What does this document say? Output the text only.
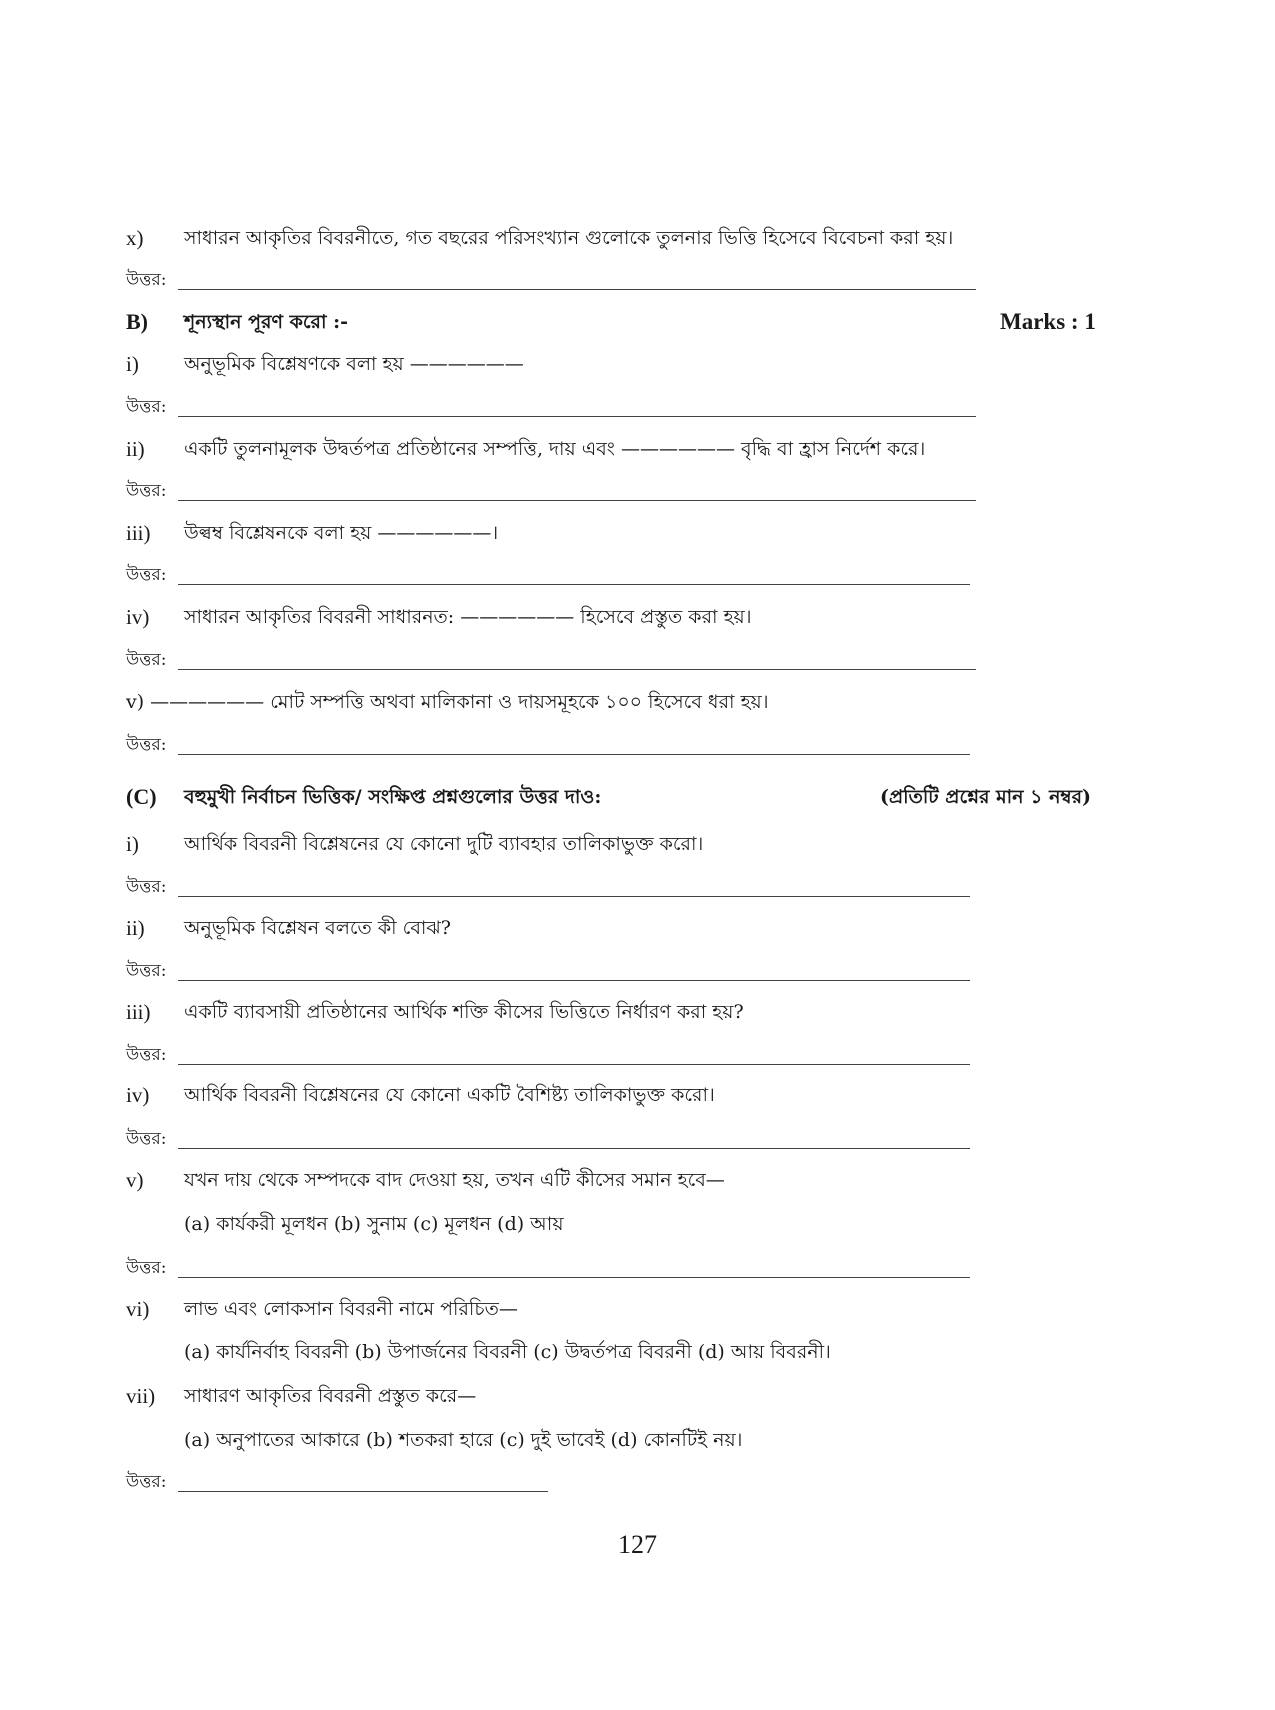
x)	সাধারন আকৃতির বিবরনীতে, গত বছরের পরিসংখ্যান গুলোকে তুলনার ভিত্তি হিসেবে বিবেচনা করা হয়।
উত্তর:
B)	শূন্যস্থান পূরণ করো :-	Marks : 1
i)	অনুভূমিক বিশ্লেষণকে বলা হয় ——————
উত্তর:
ii)	একটি তুলনামূলক উদ্বর্তপত্র প্রতিষ্ঠানের সম্পত্তি, দায় এবং —————— বৃদ্ধি বা হ্রাস নির্দেশ করে।
উত্তর:
iii)	উল্বম্ব বিশ্লেষনকে বলা হয় ——————।
উত্তর:
iv)	সাধারন আকৃতির বিবরনী সাধারনত: —————— হিসেবে প্রস্তুত করা হয়।
উত্তর:
v) —————— মোট সম্পত্তি অথবা মালিকানা ও দায়সমূহকে ১০০ হিসেবে ধরা হয়।
উত্তর:
(C)	বহুমুখী নির্বাচন ভিত্তিক/ সংক্ষিপ্ত প্রশ্নগুলোর উত্তর দাও:	(প্রতিটি প্রশ্নের মান ১ নম্বর)
i)	আর্থিক বিবরনী বিশ্লেষনের যে কোনো দুটি ব্যাবহার তালিকাভুক্ত করো।
উত্তর:
ii)	অনুভূমিক বিশ্লেষন বলতে কী বোঝ?
উত্তর:
iii)	একটি ব্যাবসায়ী প্রতিষ্ঠানের আর্থিক শক্তি কীসের ভিত্তিতে নির্ধারণ করা হয়?
উত্তর:
iv)	আর্থিক বিবরনী বিশ্লেষনের যে কোনো একটি বৈশিষ্ট্য তালিকাভুক্ত করো।
উত্তর:
v)	যখন দায় থেকে সম্পদকে বাদ দেওয়া হয়, তখন এটি কীসের সমান হবে—
(a) কার্যকরী মূলধন (b) সুনাম (c) মূলধন (d) আয়
উত্তর:
vi)	লাভ এবং লোকসান বিবরনী নামে পরিচিত—
(a) কার্যনির্বাহ বিবরনী (b) উপার্জনের বিবরনী (c) উদ্বর্তপত্র বিবরনী (d) আয় বিবরনী।
vii)	সাধারণ আকৃতির বিবরনী প্রস্তুত করে—
(a) অনুপাতের আকারে (b) শতকরা হারে (c) দুই ভাবেই (d) কোনটিই নয়।
উত্তর:
127
